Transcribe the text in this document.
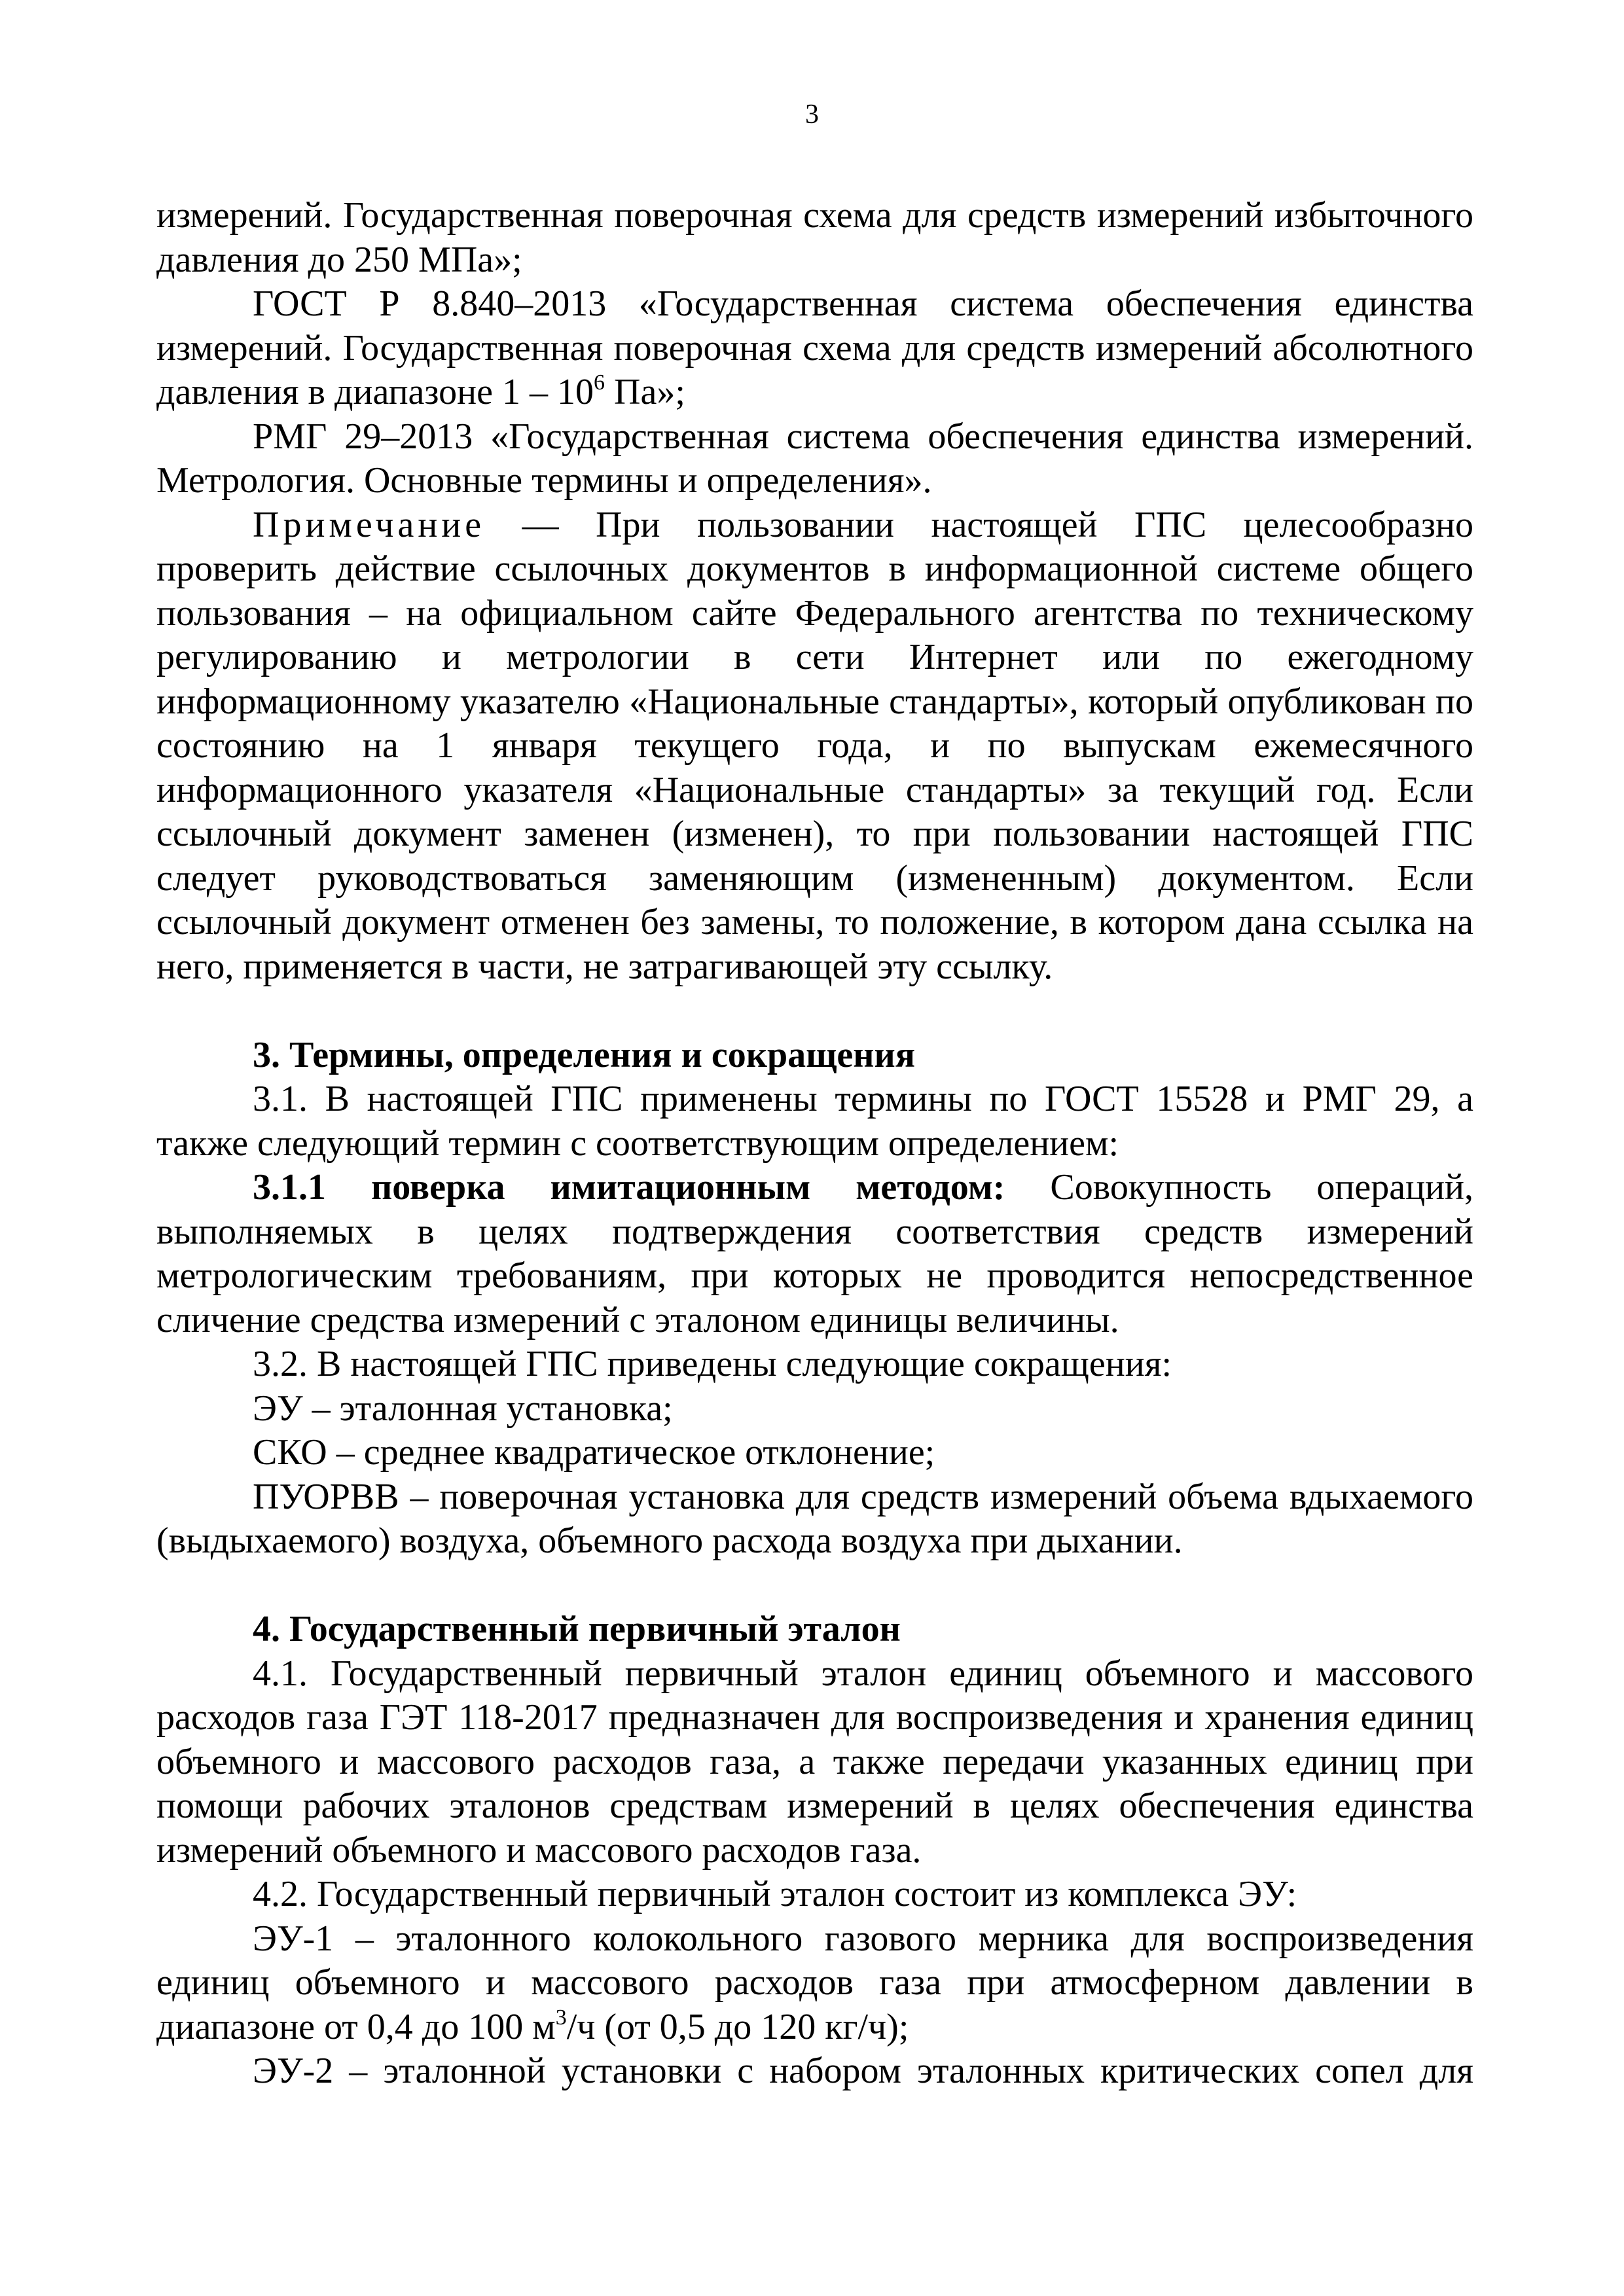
3

измерений. Государственная поверочная схема для средств измерений избыточного давления до 250 МПа»;

ГОСТ Р 8.840–2013 «Государственная система обеспечения единства измерений. Государственная поверочная схема для средств измерений абсолютного давления в диапазоне $1 - 10^6$ Па»;

РМГ 29–2013 «Государственная система обеспечения единства измерений. Метрология. Основные термины и определения».

Примечание — При пользовании настоящей ГПС целесообразно проверить действие ссылочных документов в информационной системе общего пользования – на официальном сайте Федерального агентства по техническому регулированию и метрологии в сети Интернет или по ежегодному информационному указателю «Национальные стандарты», который опубликован по состоянию на 1 января текущего года, и по выпускам ежемесячного информационного указателя «Национальные стандарты» за текущий год. Если ссылочный документ заменен (изменен), то при пользовании настоящей ГПС следует руководствоваться заменяющим (измененным) документом. Если ссылочный документ отменен без замены, то положение, в котором дана ссылка на него, применяется в части, не затрагивающей эту ссылку.

3. Термины, определения и сокращения

3.1. В настоящей ГПС применены термины по ГОСТ 15528 и РМГ 29, а также следующий термин с соответствующим определением:

3.1.1 поверка имитационным методом: Совокупность операций, выполняемых в целях подтверждения соответствия средств измерений метрологическим требованиям, при которых не проводится непосредственное сличение средства измерений с эталоном единицы величины.

3.2. В настоящей ГПС приведены следующие сокращения:

ЭУ – эталонная установка;

СКО – среднее квадратическое отклонение;

ПУОРВВ – поверочная установка для средств измерений объема вдыхаемого (выдыхаемого) воздуха, объемного расхода воздуха при дыхании.

4. Государственный первичный эталон

4.1. Государственный первичный эталон единиц объемного и массового расходов газа ГЭТ 118-2017 предназначен для воспроизведения и хранения единиц объемного и массового расходов газа, а также передачи указанных единиц при помощи рабочих эталонов средствам измерений в целях обеспечения единства измерений объемного и массового расходов газа.

4.2. Государственный первичный эталон состоит из комплекса ЭУ:

ЭУ-1 – эталонного колокольного газового мерника для воспроизведения единиц объемного и массового расходов газа при атмосферном давлении в диапазоне от 0,4 до 100 $м^3/ч$ (от 0,5 до 120 кг/ч);

ЭУ-2 – эталонной установки с набором эталонных критических сопел для
